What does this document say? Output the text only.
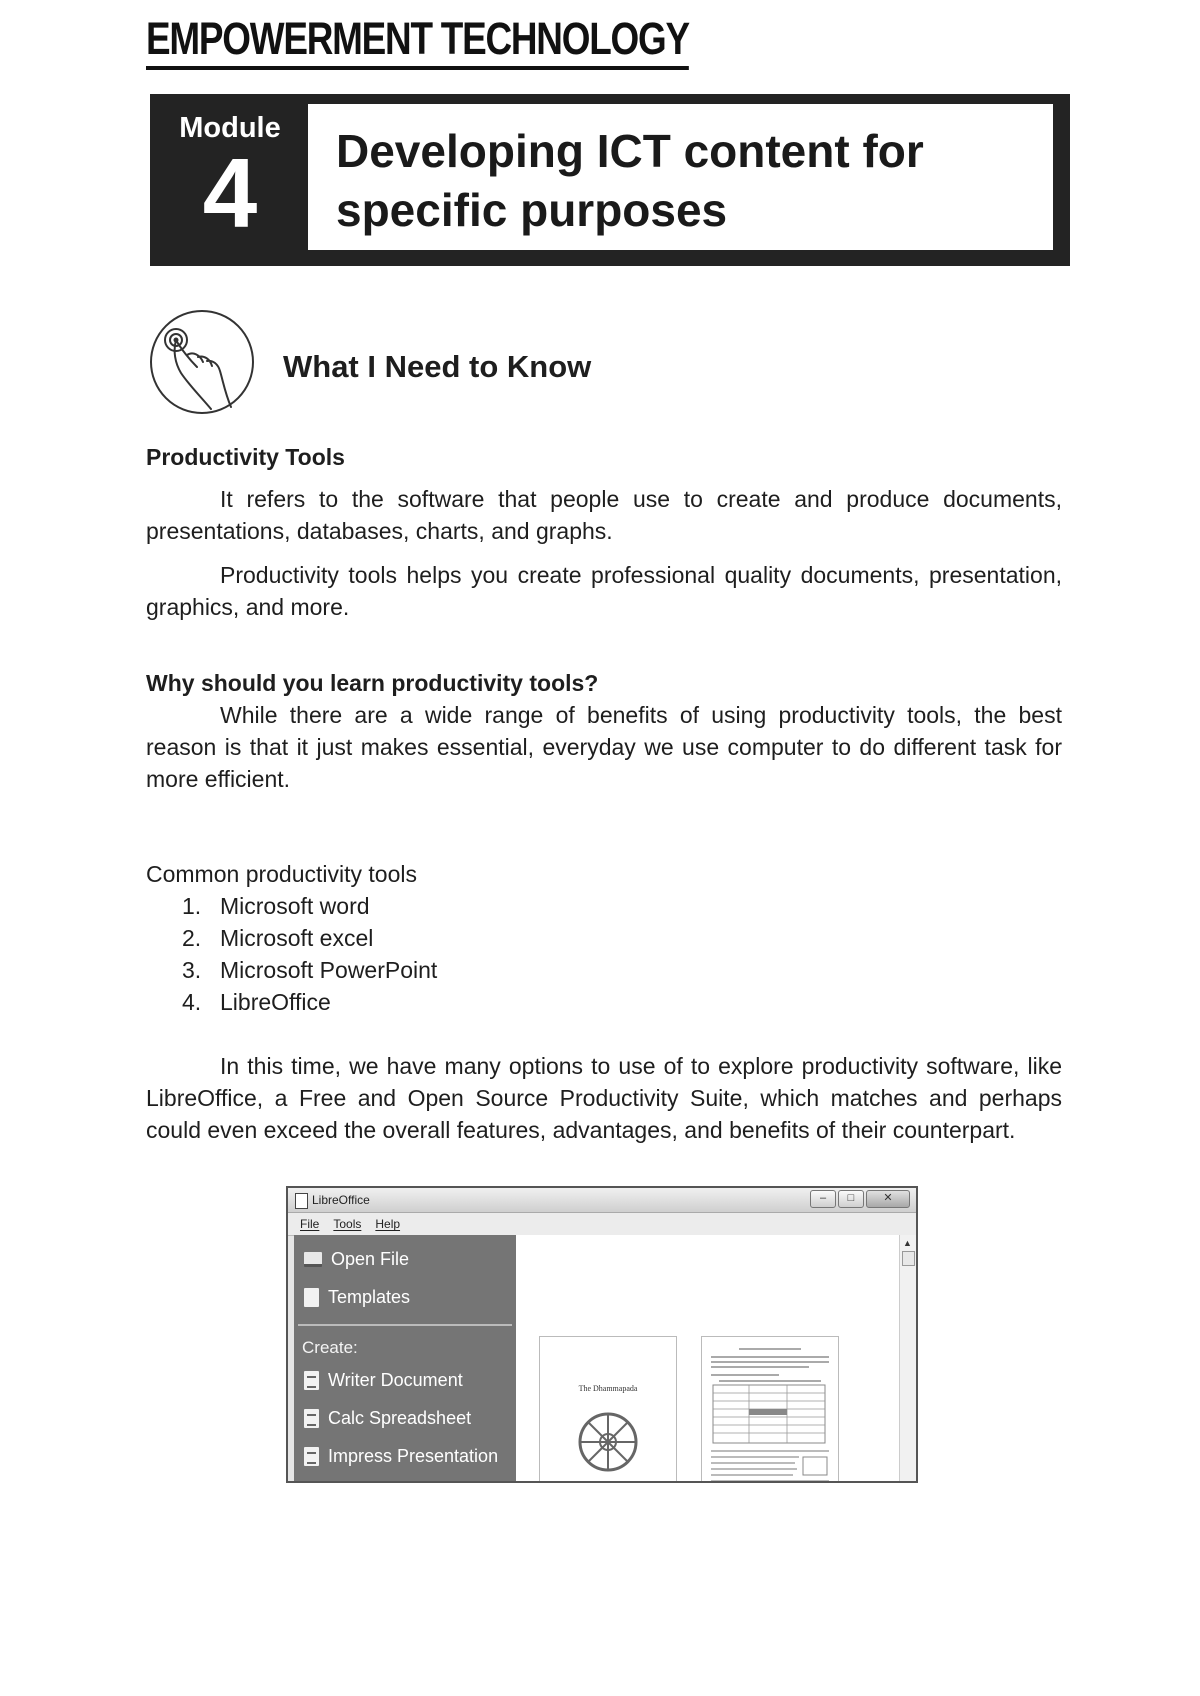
EMPOWERMENT TECHNOLOGY
Module
4	Developing ICT content for
specific purposes

What I Need to Know

Productivity Tools

It refers to the software that people use to create and produce documents, presentations, databases, charts, and graphs.

Productivity tools helps you create professional quality documents, presentation, graphics, and more.

Why should you learn productivity tools?

While there are a wide range of benefits of using productivity tools, the best reason is that it just makes essential, everyday we use computer to do different task for more efficient.

Common productivity tools
1. Microsoft word
2. Microsoft excel
3. Microsoft PowerPoint
4. LibreOffice

In this time, we have many options to use of to explore productivity software, like LibreOffice, a Free and Open Source Productivity Suite, which matches and perhaps could even exceed the overall features, advantages, and benefits of their counterpart.

LibreOffice	–	□	✕
File Tools Help
Open File
Templates
Create:
Writer Document
Calc Spreadsheet
Impress Presentation
The Dhammapada
▲
